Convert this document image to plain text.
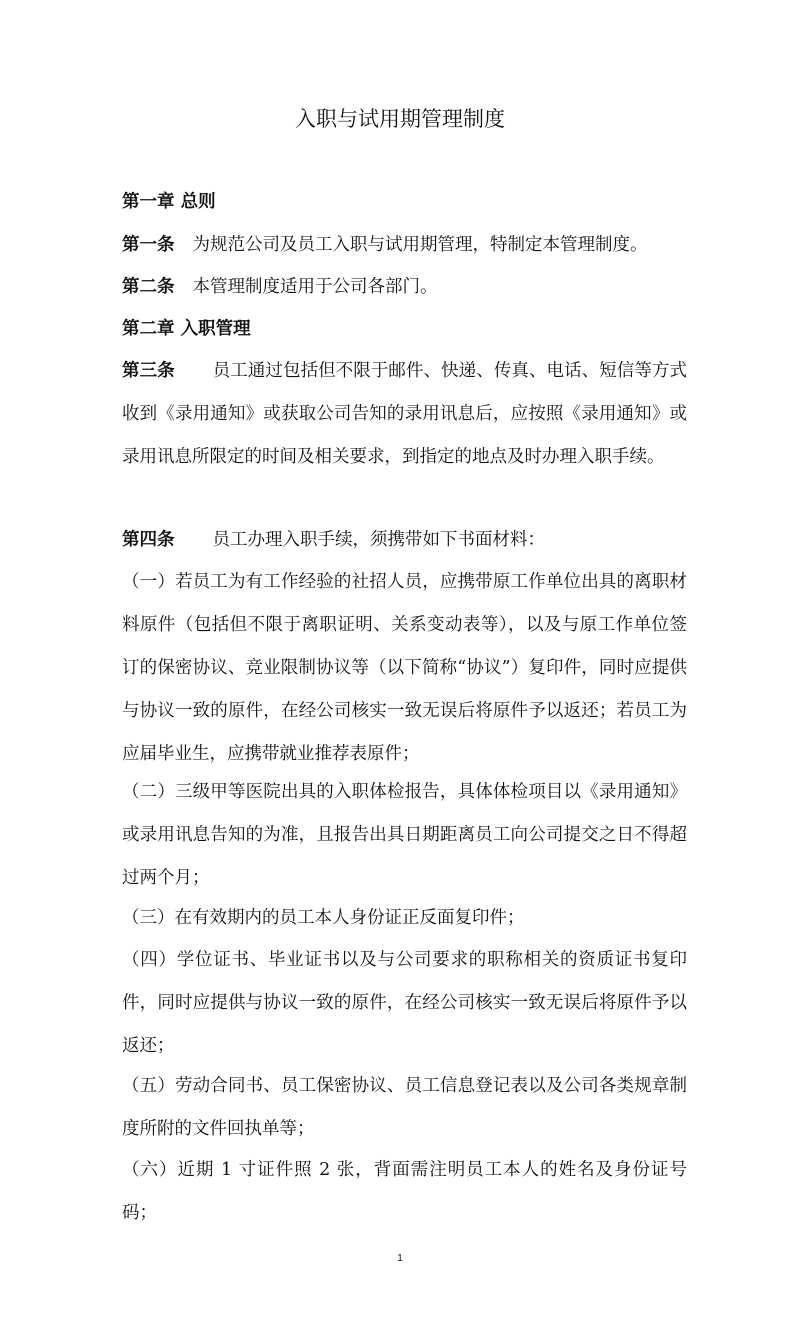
入职与试用期管理制度

第一章 总则

第一条 为规范公司及员工入职与试用期管理，特制定本管理制度。

第二条 本管理制度适用于公司各部门。

第二章 入职管理

第三条 员工通过包括但不限于邮件、快递、传真、电话、短信等方式收到《录用通知》或获取公司告知的录用讯息后，应按照《录用通知》或录用讯息所限定的时间及相关要求，到指定的地点及时办理入职手续。

第四条 员工办理入职手续，须携带如下书面材料：

（一）若员工为有工作经验的社招人员，应携带原工作单位出具的离职材料原件（包括但不限于离职证明、关系变动表等），以及与原工作单位签订的保密协议、竞业限制协议等（以下简称“协议”）复印件，同时应提供与协议一致的原件，在经公司核实一致无误后将原件予以返还；若员工为应届毕业生，应携带就业推荐表原件；

（二）三级甲等医院出具的入职体检报告，具体体检项目以《录用通知》或录用讯息告知的为准，且报告出具日期距离员工向公司提交之日不得超过两个月；

（三）在有效期内的员工本人身份证正反面复印件；

（四）学位证书、毕业证书以及与公司要求的职称相关的资质证书复印件，同时应提供与协议一致的原件，在经公司核实一致无误后将原件予以返还；

（五）劳动合同书、员工保密协议、员工信息登记表以及公司各类规章制度所附的文件回执单等；

（六）近期 1 寸证件照 2 张，背面需注明员工本人的姓名及身份证号码；

1
